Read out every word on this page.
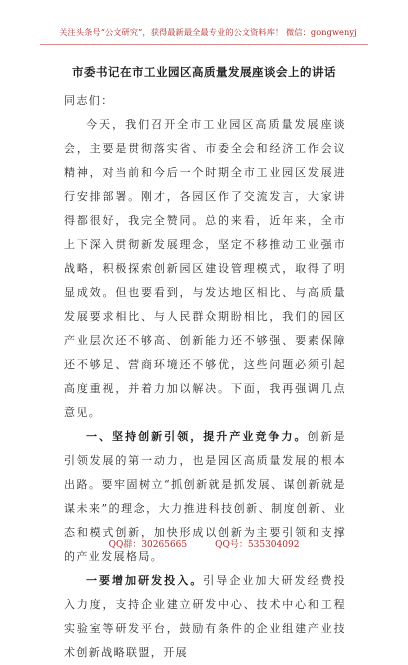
关注头条号“公文研究”，获得最新最全最专业的公文资料库！ 微信：gongwenyj
市委书记在市工业园区高质量发展座谈会上的讲话

同志们：

今天，我们召开全市工业园区高质量发展座谈会，主要是贯彻落实省、市委全会和经济工作会议精神，对当前和今后一个时期全市工业园区发展进行安排部署。刚才，各园区作了交流发言，大家讲得都很好，我完全赞同。总的来看，近年来，全市上下深入贯彻新发展理念，坚定不移推动工业强市战略，积极探索创新园区建设管理模式，取得了明显成效。但也要看到，与发达地区相比、与高质量发展要求相比、与人民群众期盼相比，我们的园区产业层次还不够高、创新能力还不够强、要素保障还不够足、营商环境还不够优，这些问题必须引起高度重视，并着力加以解决。下面，我再强调几点意见。

一、坚持创新引领，提升产业竞争力。创新是引领发展的第一动力，也是园区高质量发展的根本出路。要牢固树立“抓创新就是抓发展、谋创新就是谋未来”的理念，大力推进科技创新、制度创新、业态和模式创新，加快形成以创新为主要引领和支撑的产业发展格局。

一要增加研发投入。引导企业加大研发经费投入力度，支持企业建立研发中心、技术中心和工程实验室等研发平台，鼓励有条件的企业组建产业技术创新战略联盟，开展

QQ群：30265665	QQ号：535304092
